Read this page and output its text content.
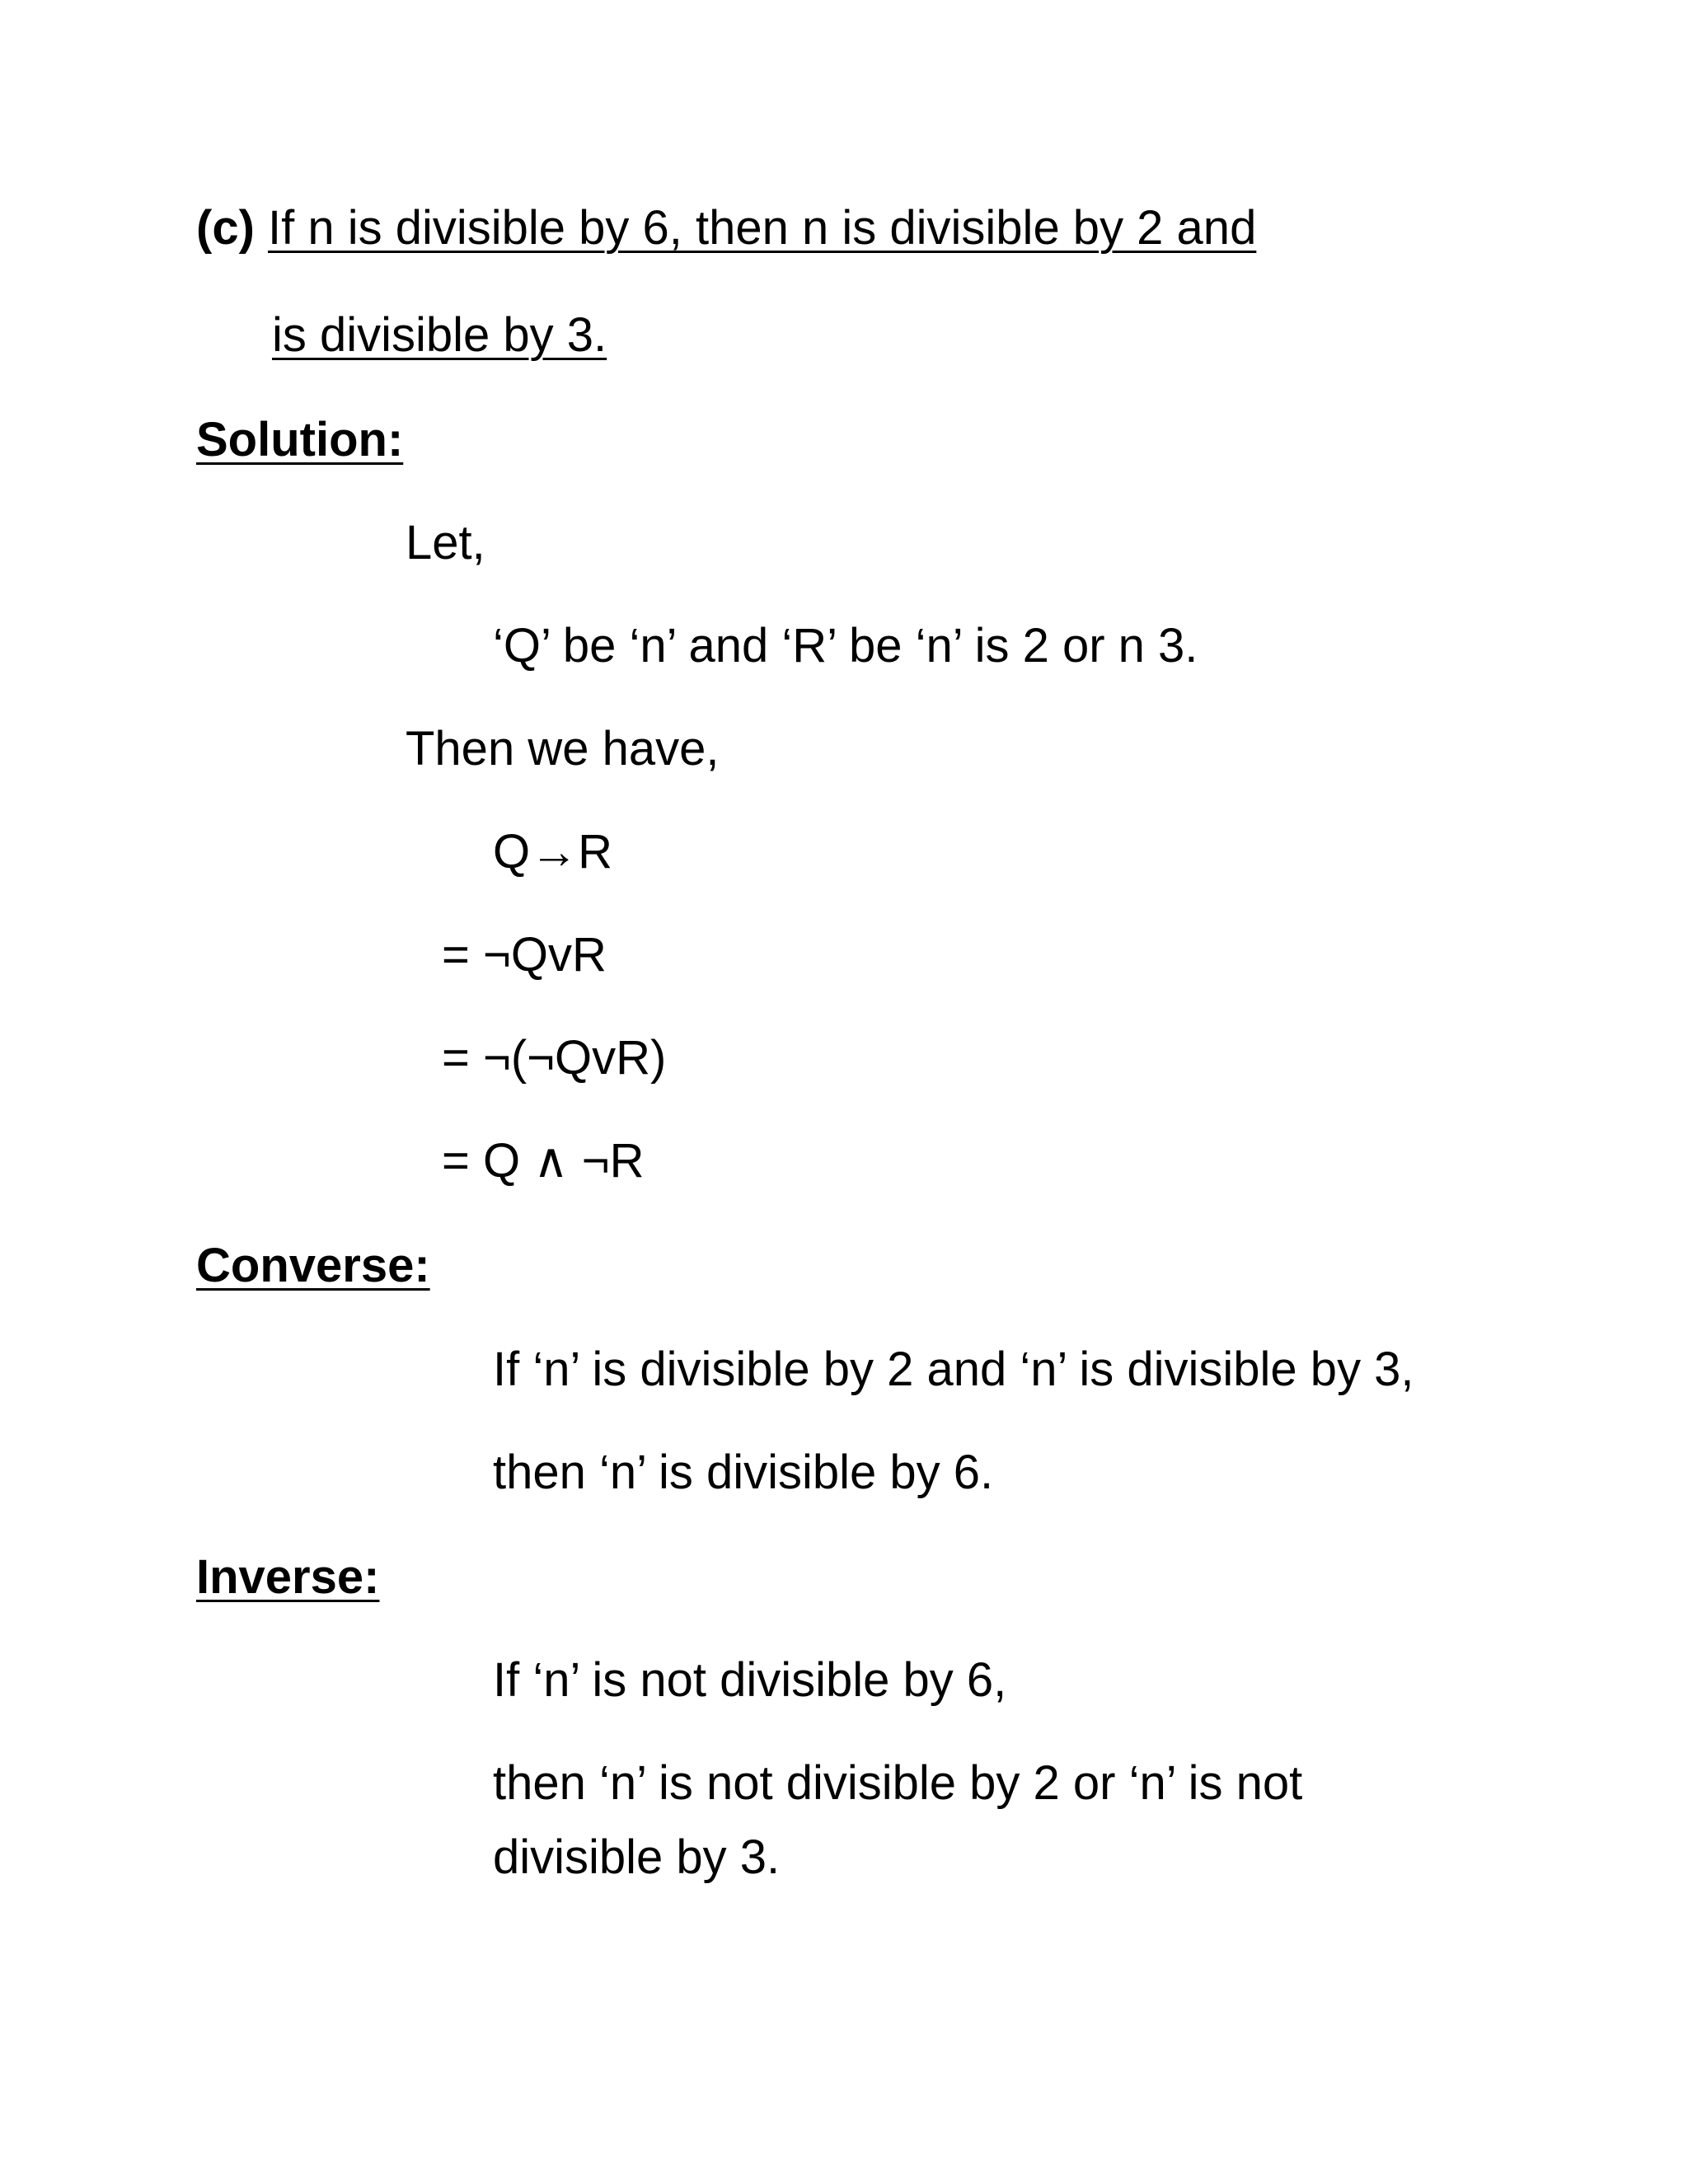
(c) If n is divisible by 6, then n is divisible by 2 and
is divisible by 3.
Solution:
Let,
‘Q’ be ‘n’ and ‘R’ be ‘n’ is 2 or n 3.
Then we have,
Q→R
= ¬QvR
= ¬(¬QvR)
= Q ∧ ¬R
Converse:
If ‘n’ is divisible by 2 and ‘n’ is divisible by 3,
then ‘n’ is divisible by 6.
Inverse:
If ‘n’ is not divisible by 6,
then ‘n’ is not divisible by 2 or ‘n’ is not
divisible by 3.
